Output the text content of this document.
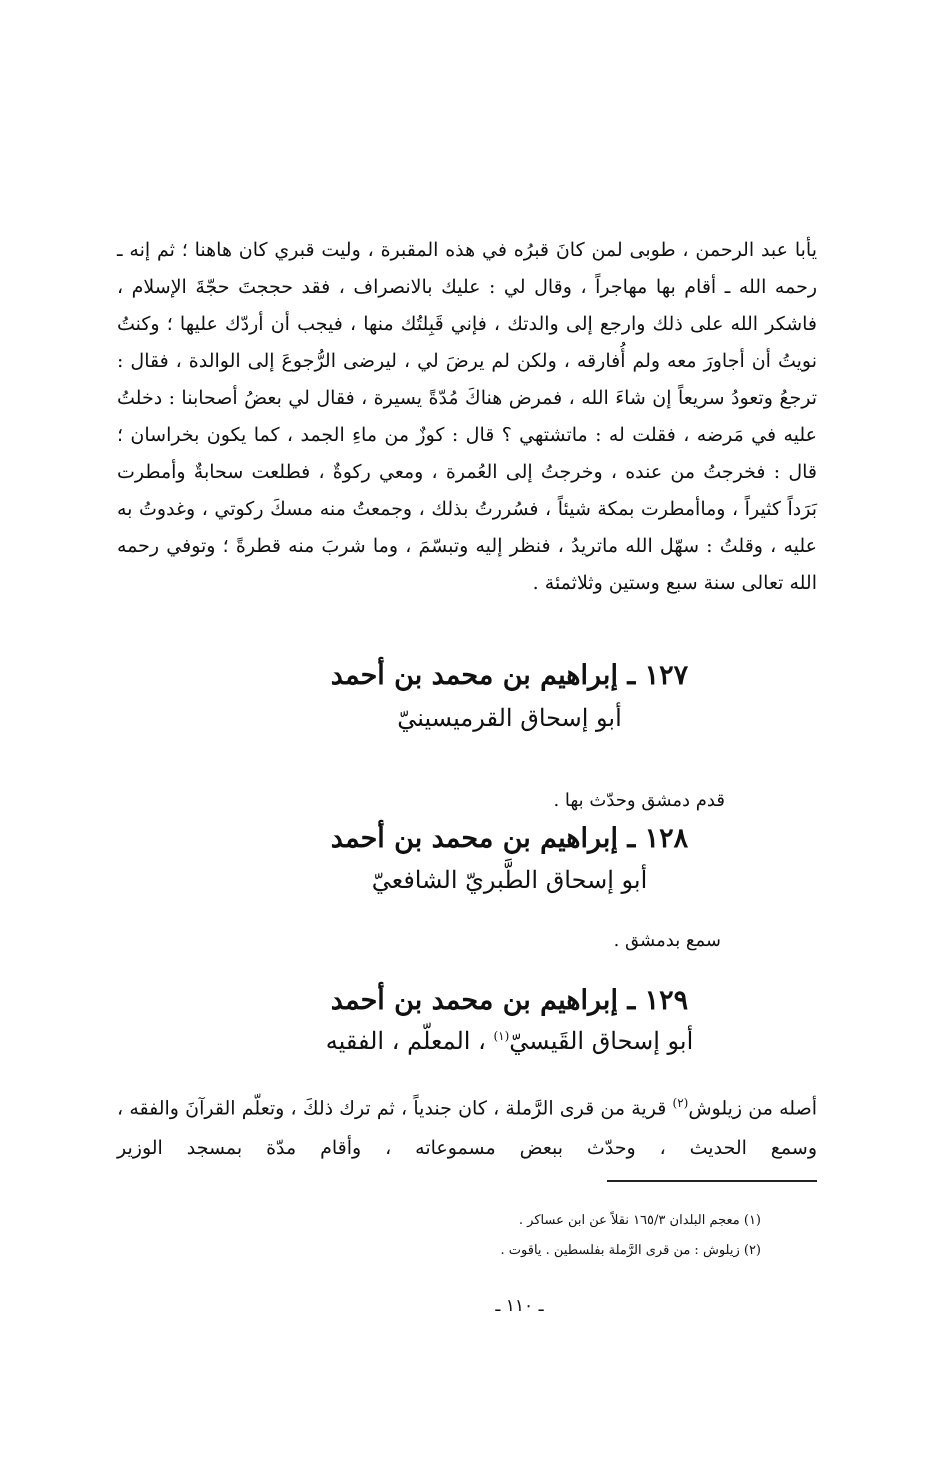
يأبا عبد الرحمن ، طوبى لمن كانَ قبرُه في هذه المقبرة ، وليت قبري كان هاهنا ؛ ثم إنه ـ رحمه الله ـ أقام بها مهاجراً ، وقال لي : عليك بالانصراف ، فقد حججتَ حجّةَ الإسلام ، فاشكر الله على ذلك وارجع إلى والدتك ، فإني قَبِلتُك منها ، فيجب أن أردّك عليها ؛ وكنتُ نويتُ أن أجاورَ معه ولم أُفارقه ، ولكن لم يرضَ لي ، ليرضى الرُّجوعَ إلى الوالدة ، فقال : ترجعُ وتعودُ سريعاً إن شاءَ الله ، فمرض هناكَ مُدّةً يسيرة ، فقال لي بعضُ أصحابنا : دخلتُ عليه في مَرضه ، فقلت له : ماتشتهي ؟ قال : كوزٌ من ماءِ الجمد ، كما يكون بخراسان ؛ قال : فخرجتُ من عنده ، وخرجتُ إلى العُمرة ، ومعي ركوةٌ ، فطلعت سحابةٌ وأمطرت بَرَداً كثيراً ، وماأمطرت بمكة شيئاً ، فسُررتُ بذلك ، وجمعتُ منه مسكَ ركوتي ، وغدوتُ به عليه ، وقلتُ : سهّل الله ماتريدُ ، فنظر إليه وتبسّمَ ، وما شربَ منه قطرةً ؛ وتوفي رحمه الله تعالى سنة سبع وستين وثلاثمئة .

١٢٧ ـ إبراهيم بن محمد بن أحمد

أبو إسحاق القرميسينيّ

قدم دمشق وحدّث بها .

١٢٨ ـ إبراهيم بن محمد بن أحمد

أبو إسحاق الطَّبريّ الشافعيّ

سمع بدمشق .

١٢٩ ـ إبراهيم بن محمد بن أحمد

أبو إسحاق القَيسيّ$^{(١)}$ ، المعلّم ، الفقيه

أصله من زيلوش$^{(٢)}$ قرية من قرى الرَّملة ، كان جندياً ، ثم ترك ذلكَ ، وتعلّم القرآنَ والفقه ، وسمع الحديث ، وحدّث ببعض مسموعاته ، وأقام مدّة بمسجد الوزير

(١) معجم البلدان ١٦٥/٣ نقلاً عن ابن عساكر .
(٢) زيلوش : من قرى الرَّملة بفلسطين . ياقوت .
ـ ١١٠ ـ
